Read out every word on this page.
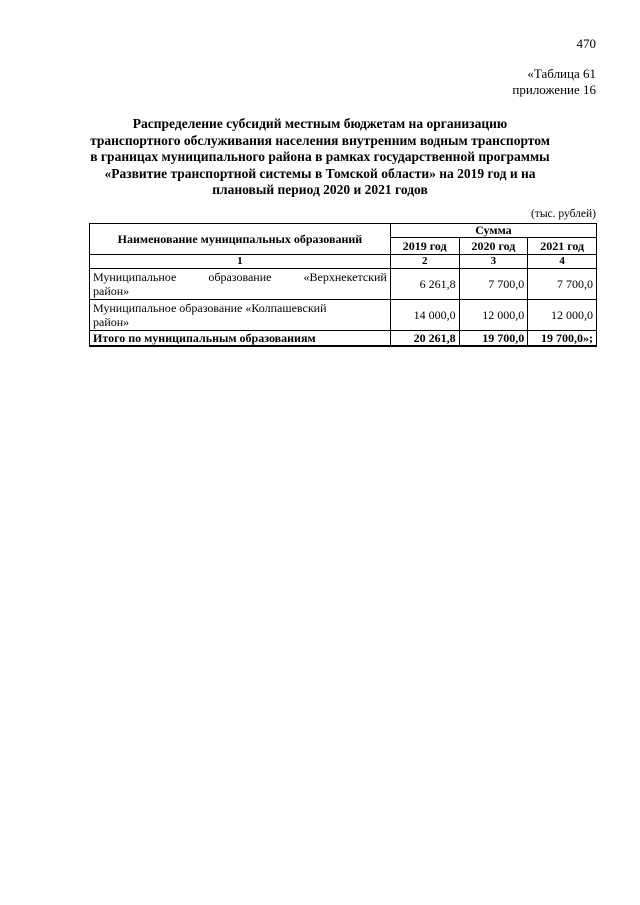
470
«Таблица 61
приложение 16
Распределение субсидий местным бюджетам на организацию транспортного обслуживания населения внутренним водным транспортом в границах муниципального района в рамках государственной программы «Развитие транспортной системы в Томской области» на 2019 год и на плановый период 2020 и 2021 годов
(тыс. рублей)
Наименование муниципальных образований	Сумма		
	2019 год	2020 год	2021 год
1	2	3	4

Муниципальное образование «Верхнекетский
район»	6 261,8	7 700,0	7 700,0

Муниципальное образование «Колпашевский
район»	14 000,0	12 000,0	12 000,0
Итого по муниципальным образованиям	20 261,8	19 700,0	19 700,0»;
